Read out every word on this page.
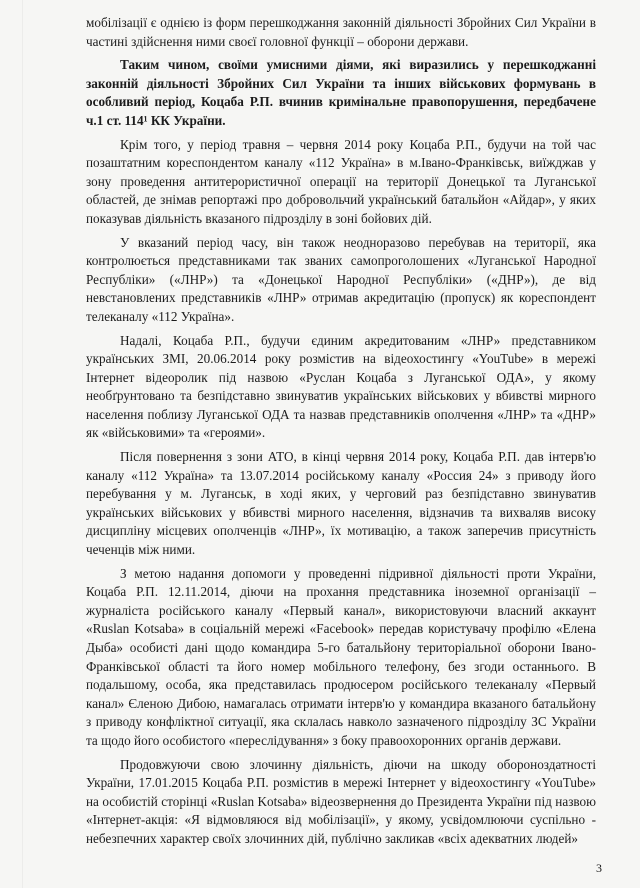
мобілізації є однією із форм перешкоджання законній діяльності Збройних Сил України в частині здійснення ними своєї головної функції – оборони держави.

Таким чином, своїми умисними діями, які виразились у перешкоджанні законній діяльності Збройних Сил України та інших військових формувань в особливий період, Коцаба Р.П. вчинив кримінальне правопорушення, передбачене ч.1 ст. 114¹ КК України.

Крім того, у період травня – червня 2014 року Коцаба Р.П., будучи на той час позаштатним кореспондентом каналу «112 Україна» в м.Івано-Франківськ, виїжджав у зону проведення антитерористичної операції на території Донецької та Луганської областей, де знімав репортажі про добровольчий український батальйон «Айдар», у яких показував діяльність вказаного підрозділу в зоні бойових дій.

У вказаний період часу, він також неодноразово перебував на території, яка контролюється представниками так званих самопроголошених «Луганської Народної Республіки» («ЛНР») та «Донецької Народної Республіки» («ДНР»), де від невстановлених представників «ЛНР» отримав акредитацію (пропуск) як кореспондент телеканалу «112 Україна».

Надалі, Коцаба Р.П., будучи єдиним акредитованим «ЛНР» представником українських ЗМІ, 20.06.2014 року розмістив на відеохостингу «YouTube» в мережі Інтернет відеоролик під назвою «Руслан Коцаба з Луганської ОДА», у якому необґрунтовано та безпідставно звинуватив українських військових у вбивстві мирного населення поблизу Луганської ОДА та назвав представників ополчення «ЛНР» та «ДНР» як «військовими» та «героями».

Після повернення з зони АТО, в кінці червня 2014 року, Коцаба Р.П. дав інтерв'ю каналу «112 Україна» та 13.07.2014 російському каналу «Россия 24» з приводу його перебування у м. Луганськ, в ході яких, у черговий раз безпідставно звинуватив українських військових у вбивстві мирного населення, відзначив та вихваляв високу дисципліну місцевих ополченців «ЛНР», їх мотивацію, а також заперечив присутність чеченців між ними.

З метою надання допомоги у проведенні підривної діяльності проти України, Коцаба Р.П. 12.11.2014, діючи на прохання представника іноземної організації – журналіста російського каналу «Первый канал», використовуючи власний аккаунт «Ruslan Kotsaba» в соціальній мережі «Facebook» передав користувачу профілю «Елена Дыба» особисті дані щодо командира 5-го батальйону територіальної оборони Івано-Франківської області та його номер мобільного телефону, без згоди останнього. В подальшому, особа, яка представилась продюсером російського телеканалу «Первый канал» Єленою Дибою, намагалась отримати інтерв'ю у командира вказаного батальйону з приводу конфліктної ситуації, яка склалась навколо зазначеного підрозділу ЗС України та щодо його особистого «переслідування» з боку правоохоронних органів держави.

Продовжуючи свою злочинну діяльність, діючи на шкоду обороноздатності України, 17.01.2015 Коцаба Р.П. розмістив в мережі Інтернет у відеохостингу «YouTube» на особистій сторінці «Ruslan Kotsaba» відеозвернення до Президента України під назвою «Інтернет-акція: «Я відмовляюся від мобілізації», у якому, усвідомлюючи суспільно - небезпечних характер своїх злочинних дій, публічно закликав «всіх адекватних людей»

3
